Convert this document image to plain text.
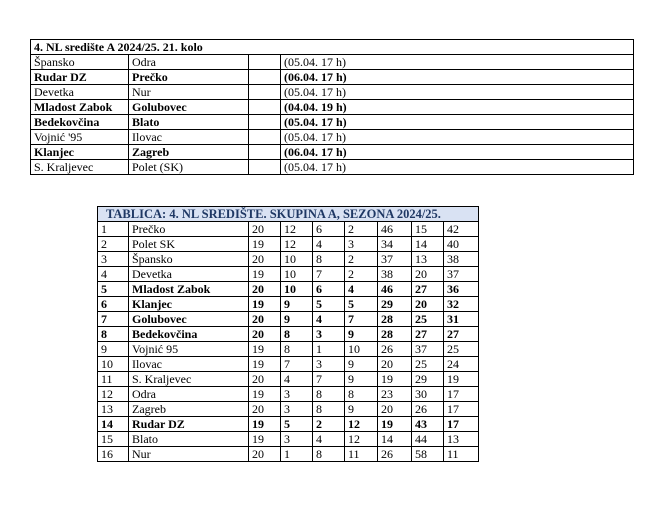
4. NL središte A 2024/25. 21. kolo			
Špansko	Odra		(05.04. 17 h)
Rudar DZ	Prečko		(06.04. 17 h)
Devetka	Nur		(05.04. 17 h)
Mladost Zabok	Golubovec		(04.04. 19 h)
Bedekovčina	Blato		(05.04. 17 h)
Vojnić '95	Ilovac		(05.04. 17 h)
Klanjec	Zagreb		(06.04. 17 h)
S. Kraljevec	Polet (SK)		(05.04. 17 h)
TABLICA: 4. NL SREDIŠTE. SKUPINA A, SEZONA 2024/25.								
1	Prečko	20	12	6	2	46	15	42
2	Polet SK	19	12	4	3	34	14	40
3	Špansko	20	10	8	2	37	13	38
4	Devetka	19	10	7	2	38	20	37
5	Mladost Zabok	20	10	6	4	46	27	36
6	Klanjec	19	9	5	5	29	20	32
7	Golubovec	20	9	4	7	28	25	31
8	Bedekovčina	20	8	3	9	28	27	27
9	Vojnić 95	19	8	1	10	26	37	25
10	Ilovac	19	7	3	9	20	25	24
11	S. Kraljevec	20	4	7	9	19	29	19
12	Odra	19	3	8	8	23	30	17
13	Zagreb	20	3	8	9	20	26	17
14	Rudar DZ	19	5	2	12	19	43	17
15	Blato	19	3	4	12	14	44	13
16	Nur	20	1	8	11	26	58	11
